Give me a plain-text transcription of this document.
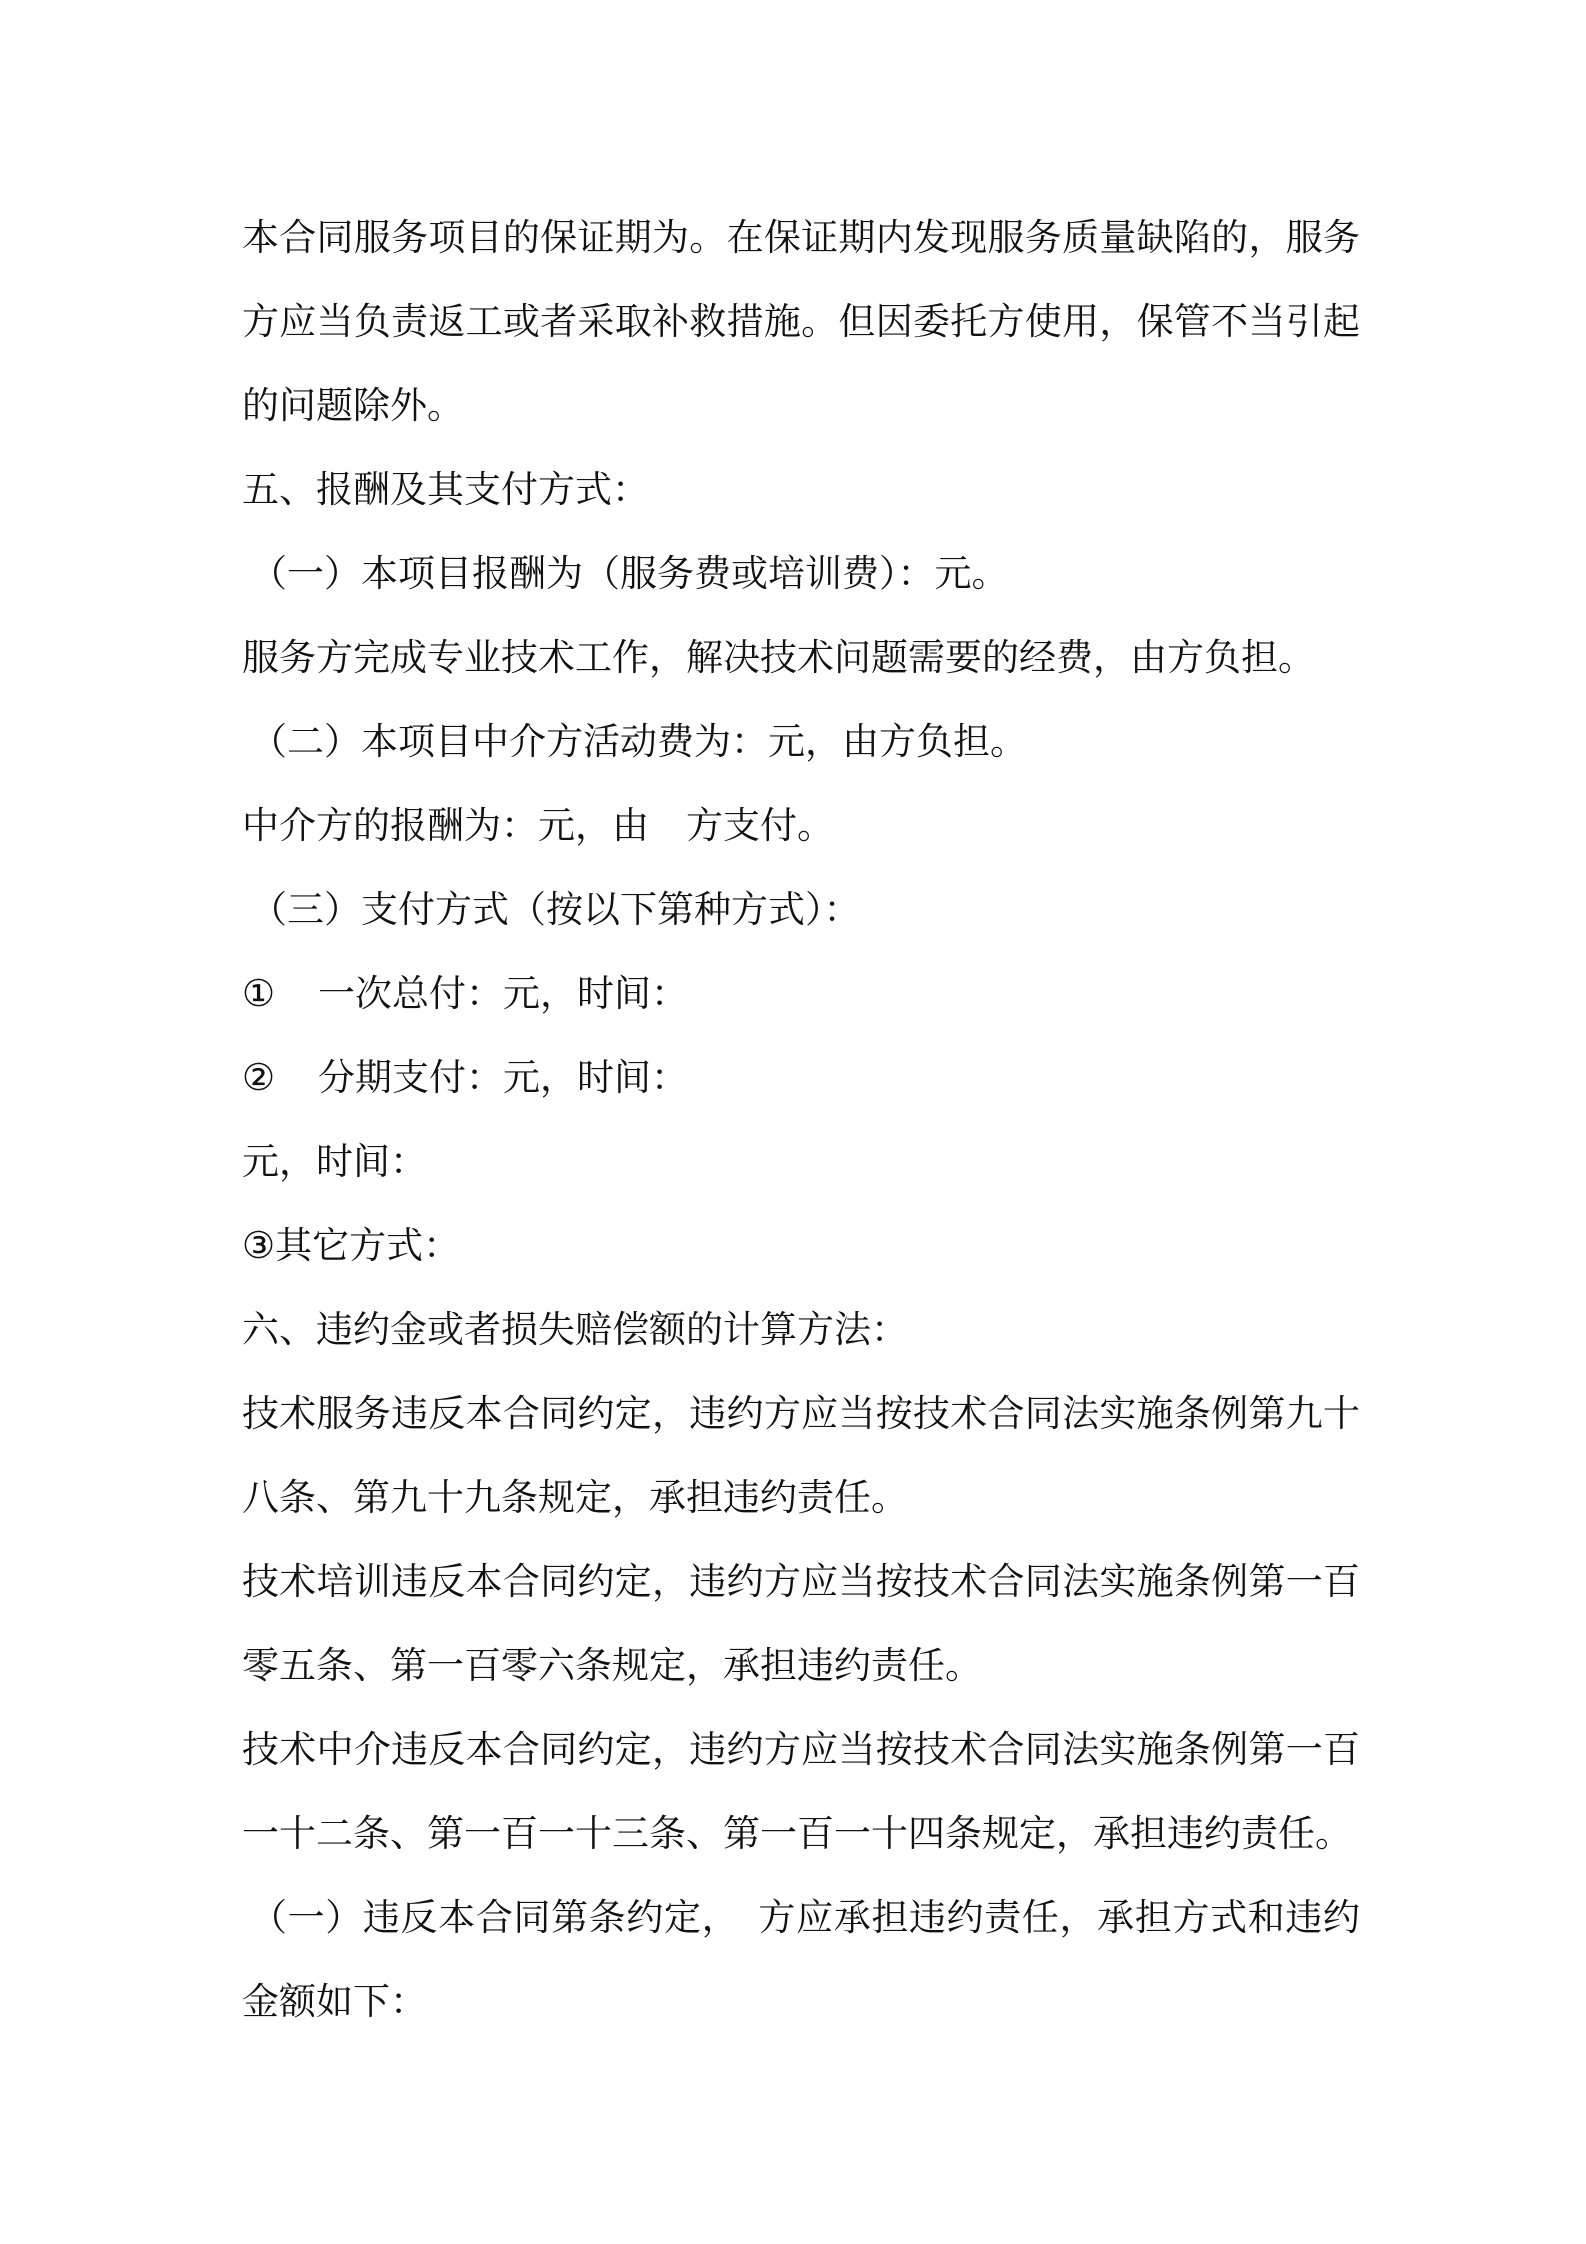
本合同服务项目的保证期为。在保证期内发现服务质量缺陷的，服务
方应当负责返工或者采取补救措施。但因委托方使用，保管不当引起
的问题除外。
五、报酬及其支付方式：
（一）本项目报酬为（服务费或培训费）：元。
服务方完成专业技术工作，解决技术问题需要的经费，由方负担。
（二）本项目中介方活动费为：元，由方负担。
中介方的报酬为：元，由　方支付。
（三）支付方式（按以下第种方式）：
① 一次总付：元，时间：
② 分期支付：元，时间：
元，时间：
③其它方式：
六、违约金或者损失赔偿额的计算方法：
技术服务违反本合同约定，违约方应当按技术合同法实施条例第九十
八条、第九十九条规定，承担违约责任。
技术培训违反本合同约定，违约方应当按技术合同法实施条例第一百
零五条、第一百零六条规定，承担违约责任。
技术中介违反本合同约定，违约方应当按技术合同法实施条例第一百
一十二条、第一百一十三条、第一百一十四条规定，承担违约责任。
（一）违反本合同第条约定，　方应承担违约责任，承担方式和违约
金额如下：
